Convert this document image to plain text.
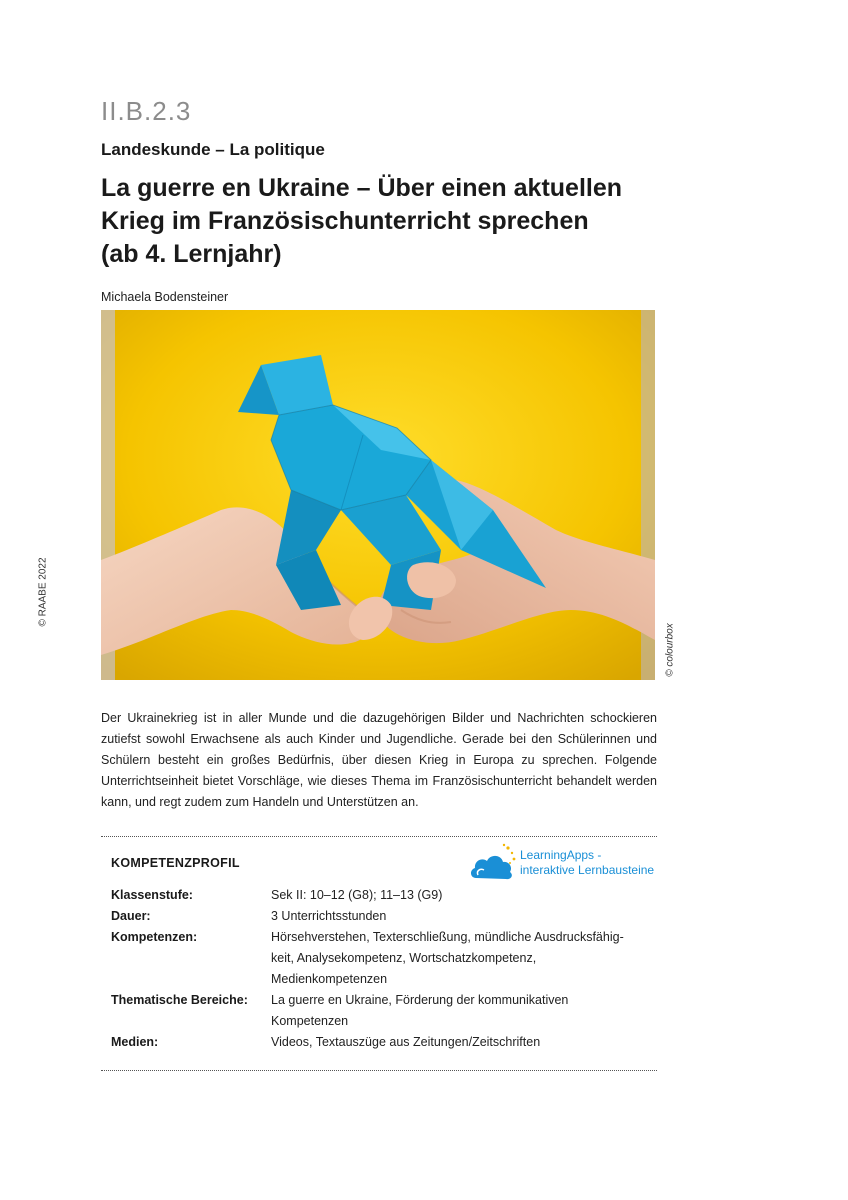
II.B.2.3
Landeskunde – La politique
La guerre en Ukraine – Über einen aktuellen
Krieg im Französischunterricht sprechen
(ab 4. Lernjahr)
Michaela Bodensteiner
© RAABE 2022
© colourbox

Der Ukrainekrieg ist in aller Munde und die dazugehörigen Bilder und Nachrichten schockieren zutiefst sowohl Erwachsene als auch Kinder und Jugendliche. Gerade bei den Schülerinnen und Schülern besteht ein großes Bedürfnis, über diesen Krieg in Europa zu sprechen. Folgende Unterrichtseinheit bietet Vorschläge, wie dieses Thema im Französischunterricht behandelt werden kann, und regt zudem zum Handeln und Unterstützen an.

KOMPETENZPROFIL
LearningApps -
interaktive Lernbausteine
Klassenstufe:	Sek II: 10–12 (G8); 11–13 (G9)
Dauer:	3 Unterrichtsstunden
Kompetenzen:	Hörsehverstehen, Texterschließung, mündliche Ausdrucksfähig-
keit, Analysekompetenz, Wortschatzkompetenz,
Medienkompetenzen
Thematische Bereiche:	La guerre en Ukraine, Förderung der kommunikativen
Kompetenzen
Medien:	Videos, Textauszüge aus Zeitungen/Zeitschriften
